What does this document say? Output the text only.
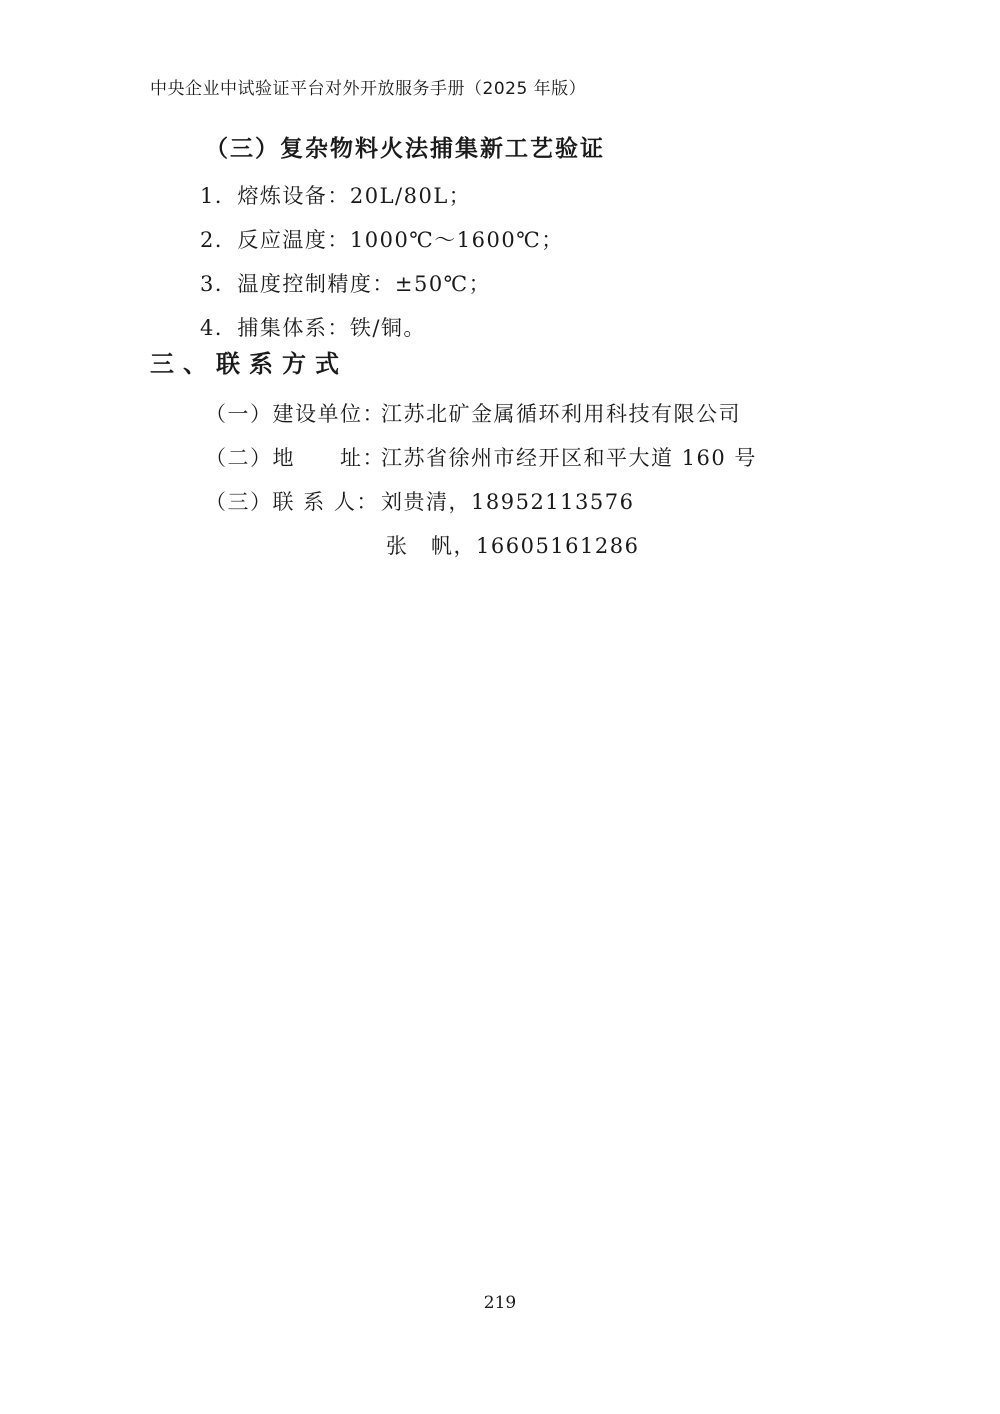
中央企业中试验证平台对外开放服务手册（2025 年版）
（三）复杂物料火法捕集新工艺验证
1．熔炼设备：20L/80L；
2．反应温度：1000℃～1600℃；
3．温度控制精度：±50℃；
4．捕集体系：铁/铜。
三、联系方式
（一）建设单位：江苏北矿金属循环利用科技有限公司
（二）地　　址：江苏省徐州市经开区和平大道 160 号
（三）联 系 人： 刘贵清，18952113576
张　帆，16605161286
219
